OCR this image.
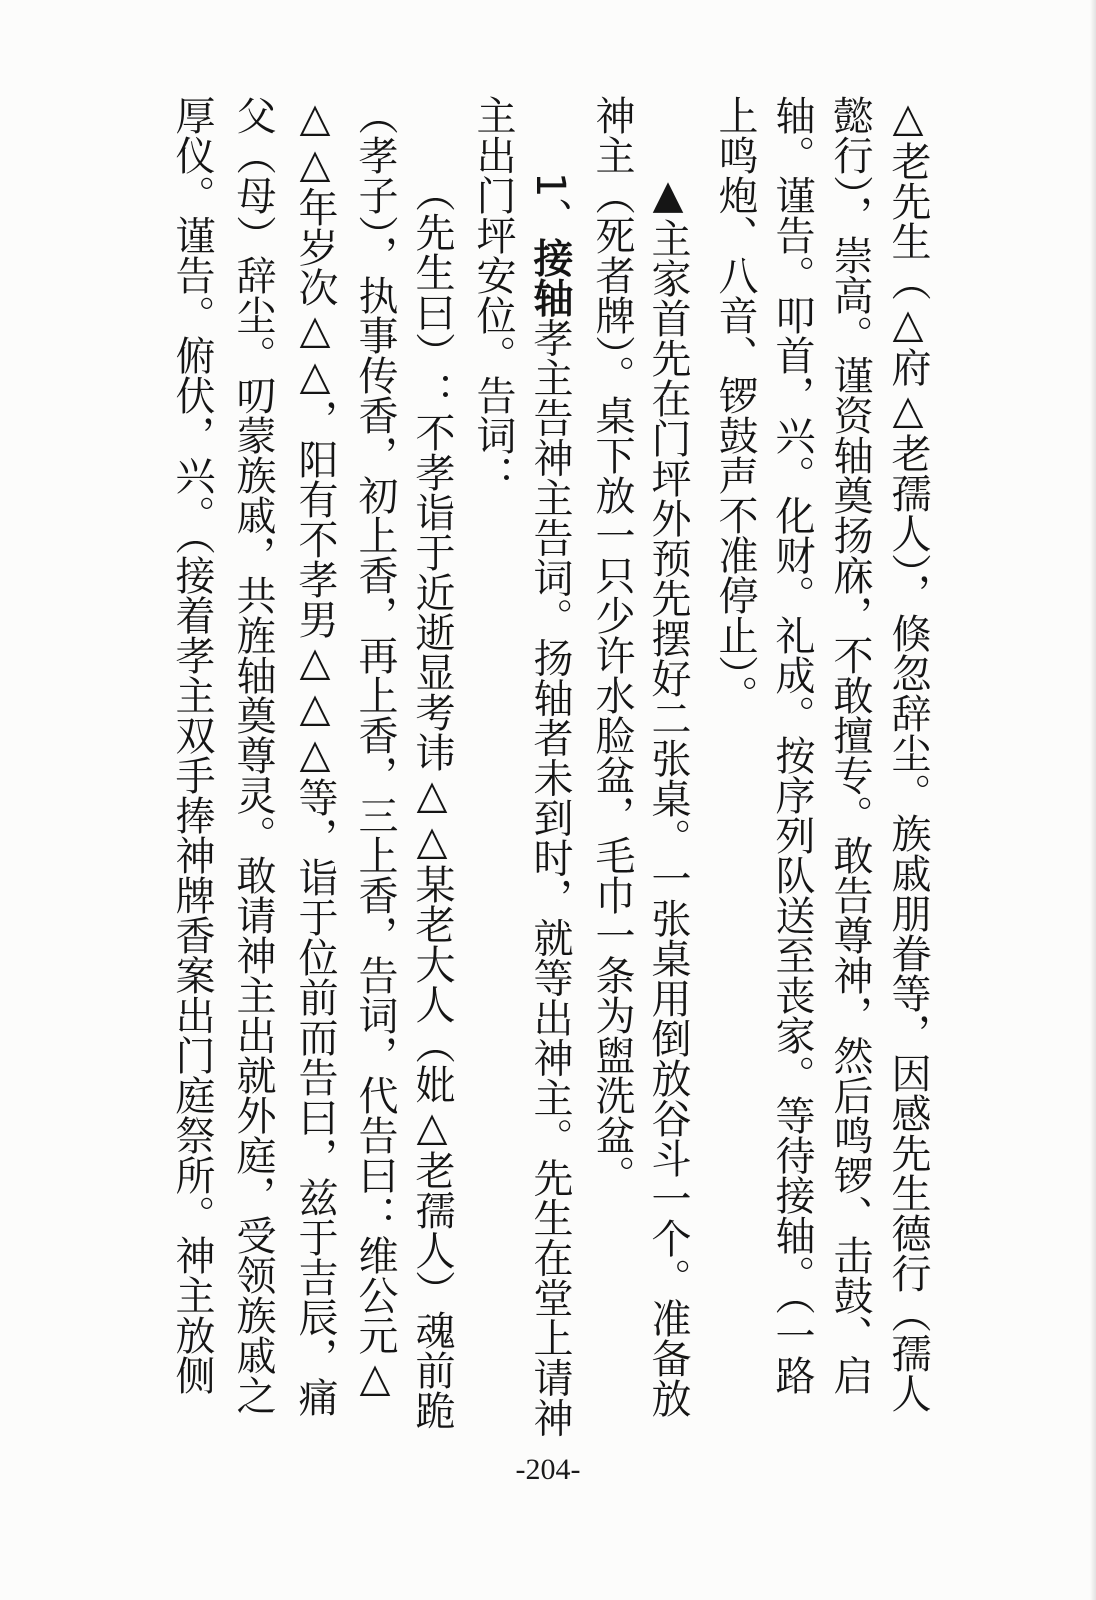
△老先生（△府△老孺人），倏忽辞尘。族戚朋眷等，因感先生德行（孺人
懿行），崇高。谨资轴奠扬庥，不敢擅专。敢告尊神，然后鸣锣、击鼓、启
轴。谨告。叩首，兴。化财。礼成。按序列队送至丧家。等待接轴。（一路
上鸣炮、八音、锣鼓声不准停止）。
▲主家首先在门坪外预先摆好二张桌。一张桌用倒放谷斗一个。准备放
神主（死者牌）。桌下放一只少许水脸盆，毛巾一条为盥洗盆。
1、接轴孝主告神主告词。扬轴者未到时，就等出神主。先生在堂上请神
主出门坪安位。告词：
（先生曰）：不孝诣于近逝显考讳△△某老大人（妣△老孺人）魂前跪
（孝子），执事传香，初上香，再上香，三上香，告词，代告曰：维公元△
△△年岁次△△，阳有不孝男△△△等，诣于位前而告曰，兹于吉辰，痛
父（母）辞尘。叨蒙族戚，共旌轴奠尊灵。敢请神主出就外庭，受领族戚之
厚仪。谨告。俯伏，兴。（接着孝主双手捧神牌香案出门庭祭所。神主放侧
-204-
